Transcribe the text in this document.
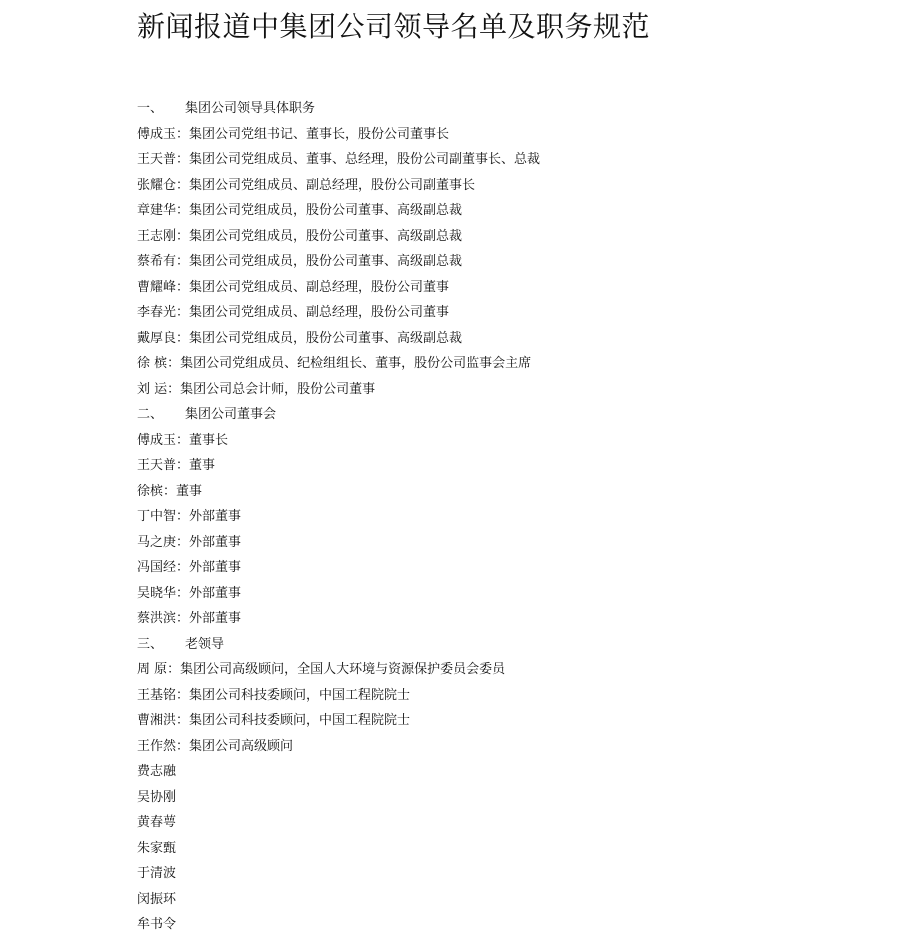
新闻报道中集团公司领导名单及职务规范
一、 集团公司领导具体职务
傅成玉：集团公司党组书记、董事长，股份公司董事长
王天普：集团公司党组成员、董事、总经理，股份公司副董事长、总裁
张耀仓：集团公司党组成员、副总经理，股份公司副董事长
章建华：集团公司党组成员，股份公司董事、高级副总裁
王志刚：集团公司党组成员，股份公司董事、高级副总裁
蔡希有：集团公司党组成员，股份公司董事、高级副总裁
曹耀峰：集团公司党组成员、副总经理，股份公司董事
李春光：集团公司党组成员、副总经理，股份公司董事
戴厚良：集团公司党组成员，股份公司董事、高级副总裁
徐 槟：集团公司党组成员、纪检组组长、董事，股份公司监事会主席
刘 运：集团公司总会计师，股份公司董事
二、 集团公司董事会
傅成玉：董事长
王天普：董事
徐槟：董事
丁中智：外部董事
马之庚：外部董事
冯国经：外部董事
吴晓华：外部董事
蔡洪滨：外部董事
三、 老领导
周 原：集团公司高级顾问，全国人大环境与资源保护委员会委员
王基铭：集团公司科技委顾问，中国工程院院士
曹湘洪：集团公司科技委顾问，中国工程院院士
王作然：集团公司高级顾问
费志融
吴协刚
黄春萼
朱家甄
于清波
闵振环
牟书令
